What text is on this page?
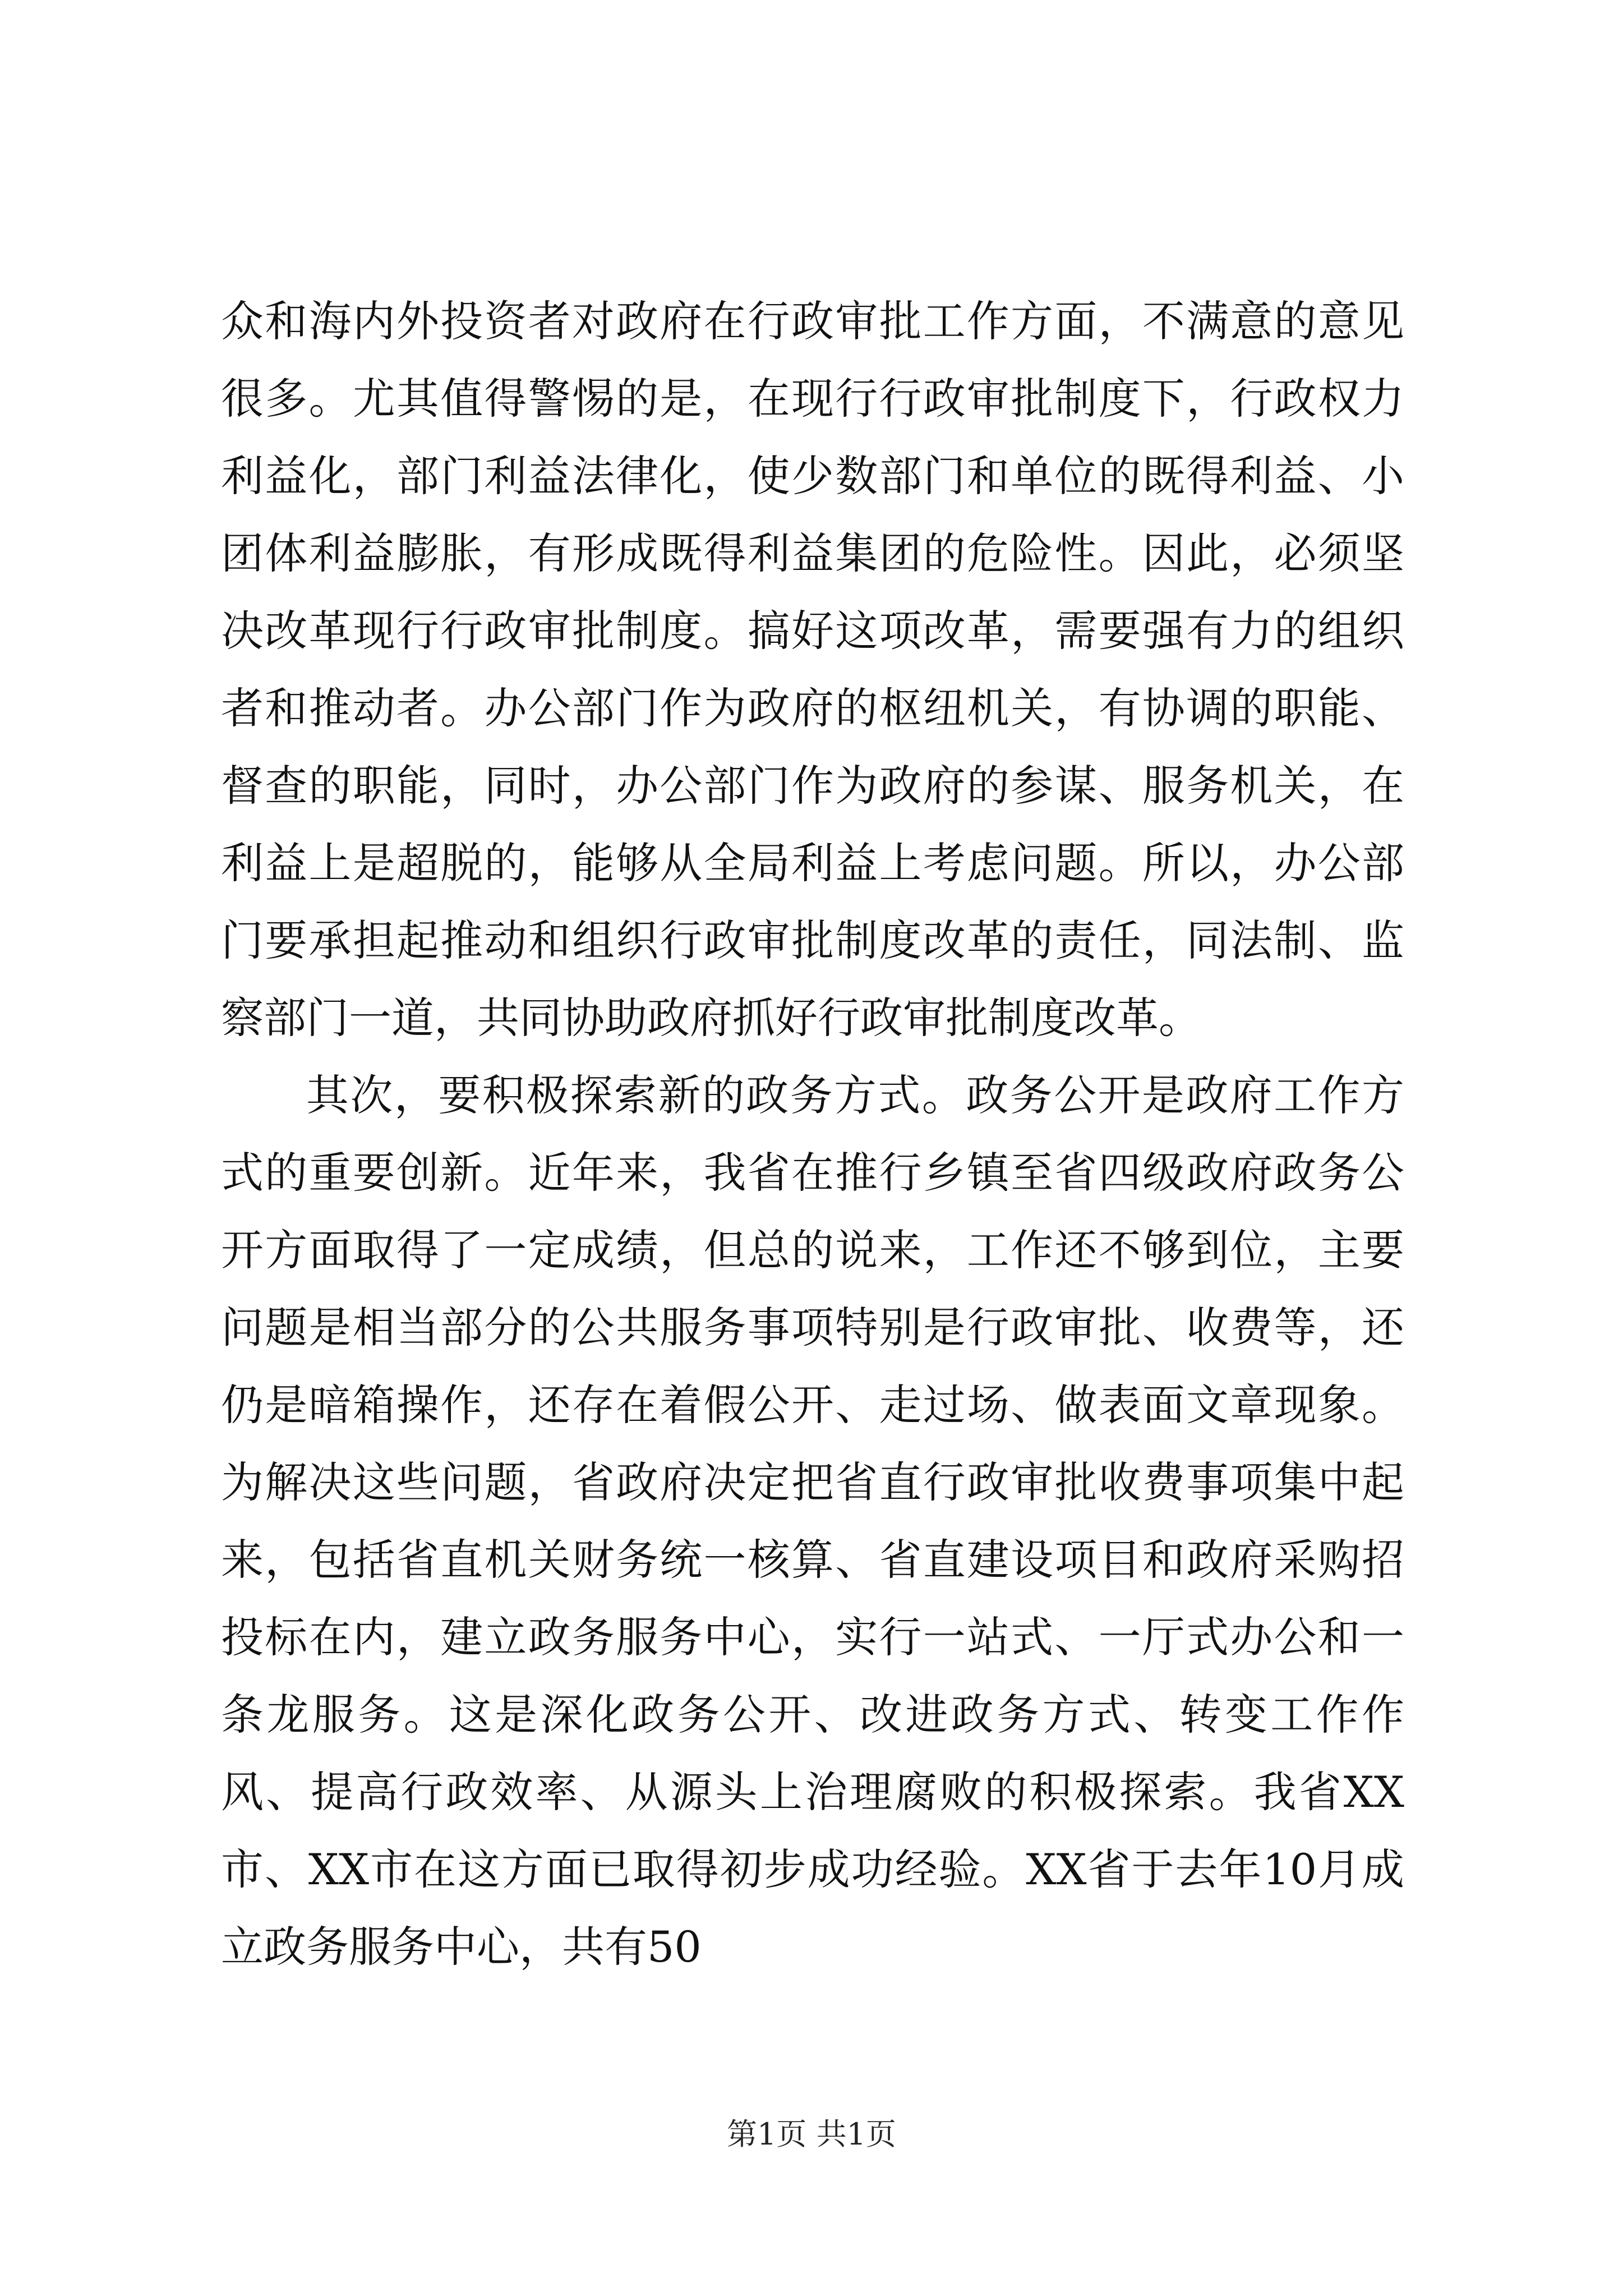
众和海内外投资者对政府在行政审批工作方面，不满意的意见很多。尤其值得警惕的是，在现行行政审批制度下，行政权力利益化，部门利益法律化，使少数部门和单位的既得利益、小团体利益膨胀，有形成既得利益集团的危险性。因此，必须坚决改革现行行政审批制度。搞好这项改革，需要强有力的组织者和推动者。办公部门作为政府的枢纽机关，有协调的职能、督查的职能，同时，办公部门作为政府的参谋、服务机关，在利益上是超脱的，能够从全局利益上考虑问题。所以，办公部门要承担起推动和组织行政审批制度改革的责任，同法制、监察部门一道，共同协助政府抓好行政审批制度改革。

其次，要积极探索新的政务方式。政务公开是政府工作方式的重要创新。近年来，我省在推行乡镇至省四级政府政务公开方面取得了一定成绩，但总的说来，工作还不够到位，主要问题是相当部分的公共服务事项特别是行政审批、收费等，还仍是暗箱操作，还存在着假公开、走过场、做表面文章现象。为解决这些问题，省政府决定把省直行政审批收费事项集中起来，包括省直机关财务统一核算、省直建设项目和政府采购招投标在内，建立政务服务中心，实行一站式、一厅式办公和一条龙服务。这是深化政务公开、改进政务方式、转变工作作风、提高行政效率、从源头上治理腐败的积极探索。我省XX市、XX市在这方面已取得初步成功经验。XX省于去年10月成立政务服务中心，共有50

第1页 共1页
